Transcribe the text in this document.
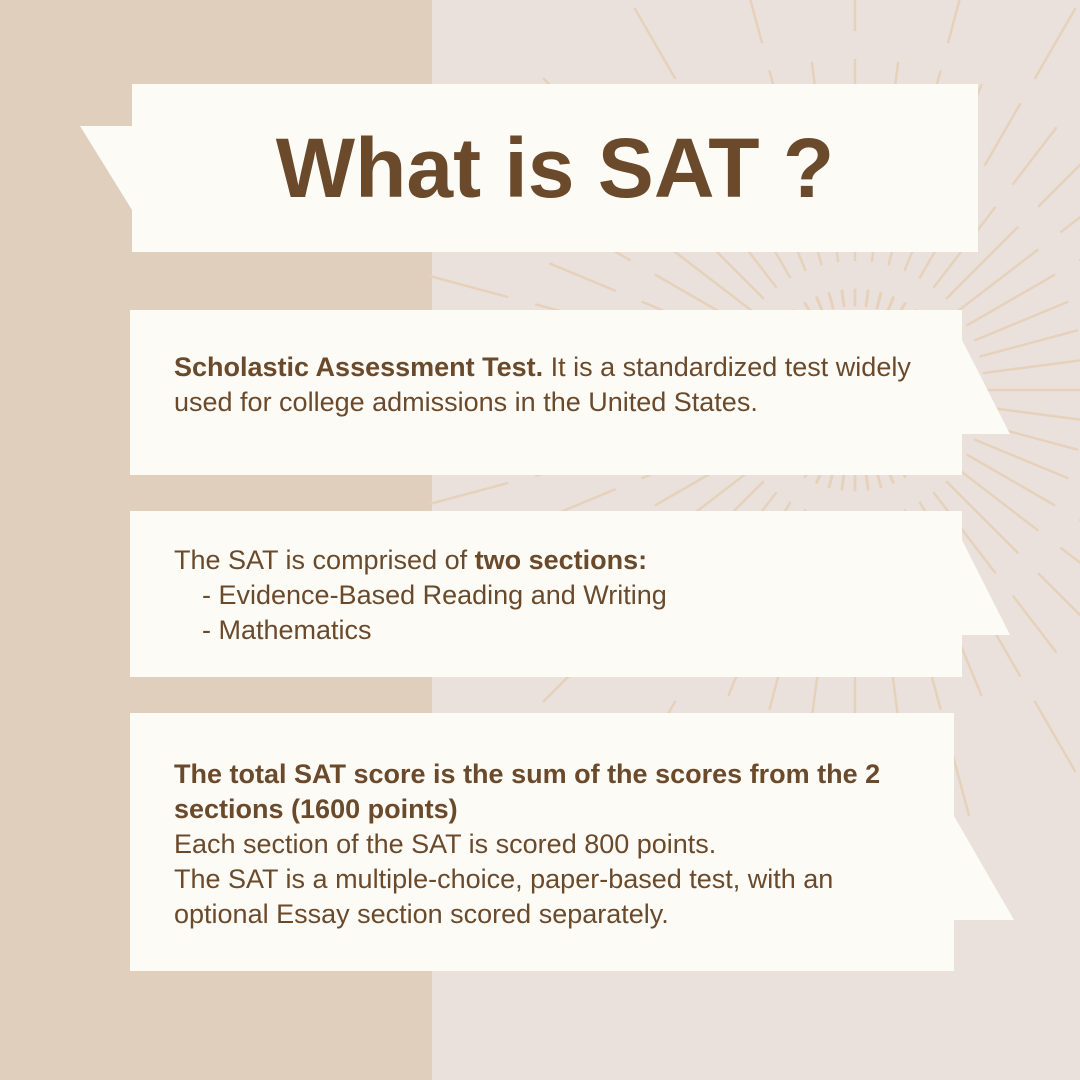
What is SAT ?
Scholastic Assessment Test. It is a standardized test widely used for college admissions in the United States.
The SAT is comprised of two sections:
- Evidence-Based Reading and Writing
- Mathematics
The total SAT score is the sum of the scores from the 2 sections (1600 points)
Each section of the SAT is scored 800 points.
The SAT is a multiple-choice, paper-based test, with an optional Essay section scored separately.
